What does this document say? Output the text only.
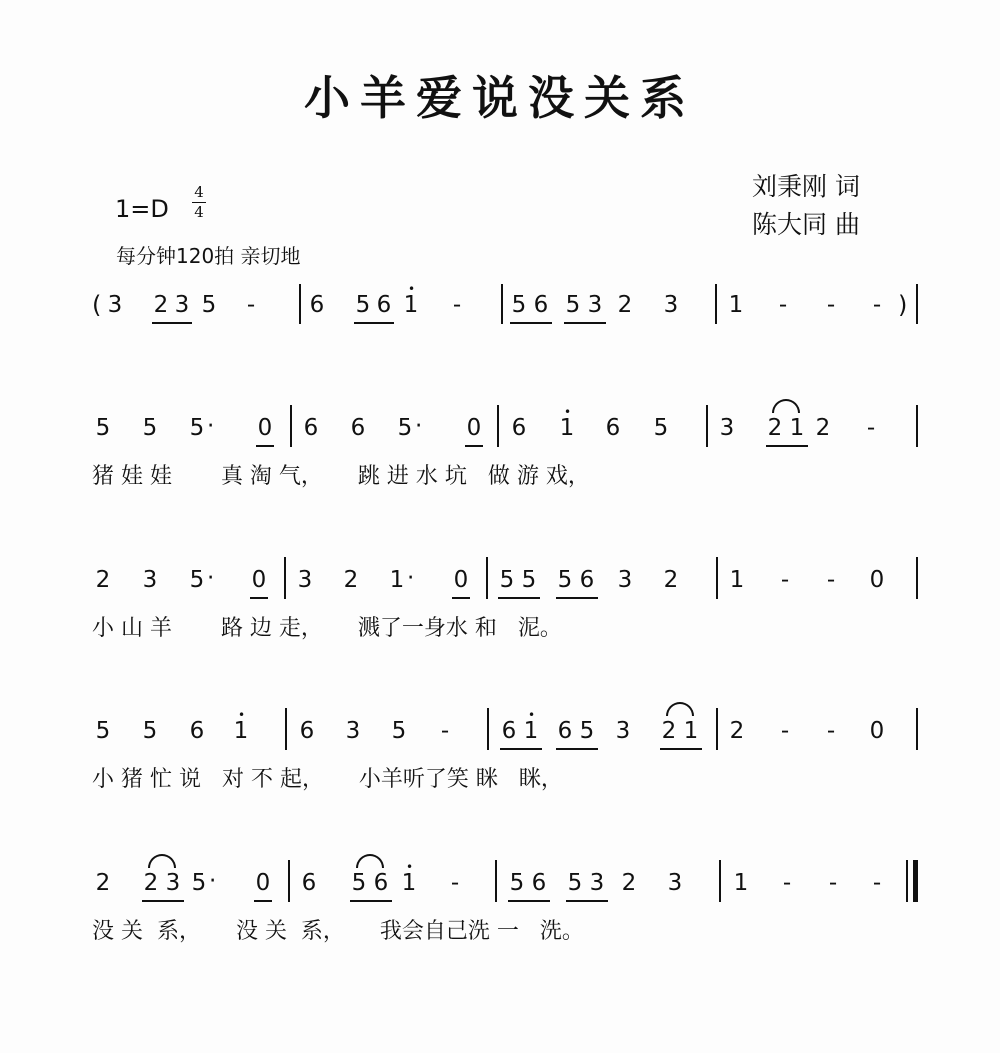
小羊爱说没关系
刘秉刚 词
陈大同 曲
1=D
4
4
每分钟120拍 亲切地
( 3 2 3 5 - 6 5 6 1
•
- 5 6 5 3 2 3 1 - - - )
5 5 5 · 0 6 6 5 · 0 6 1
•
6 5 3 2 1 2 -
猪 娃 娃       真 淘 气，     跳 进 水 坑   做 游 戏，
2 3 5 · 0 3 2 1 · 0 5 5 5 6 3 2 1 - - 0
小 山 羊       路 边 走，     溅了一身水 和   泥。
5 5 6 1
•
6 3 5 - 6 1
•
6 5 3 2 1 2 - - 0
小 猪 忙 说   对 不 起，     小羊听了笑 眯   眯，
2 2 3 5 · 0 6 5 6 1
•
- 5 6 5 3 2 3 1 - - -
没 关  系，     没 关  系，     我会自己洗 一   洗。
